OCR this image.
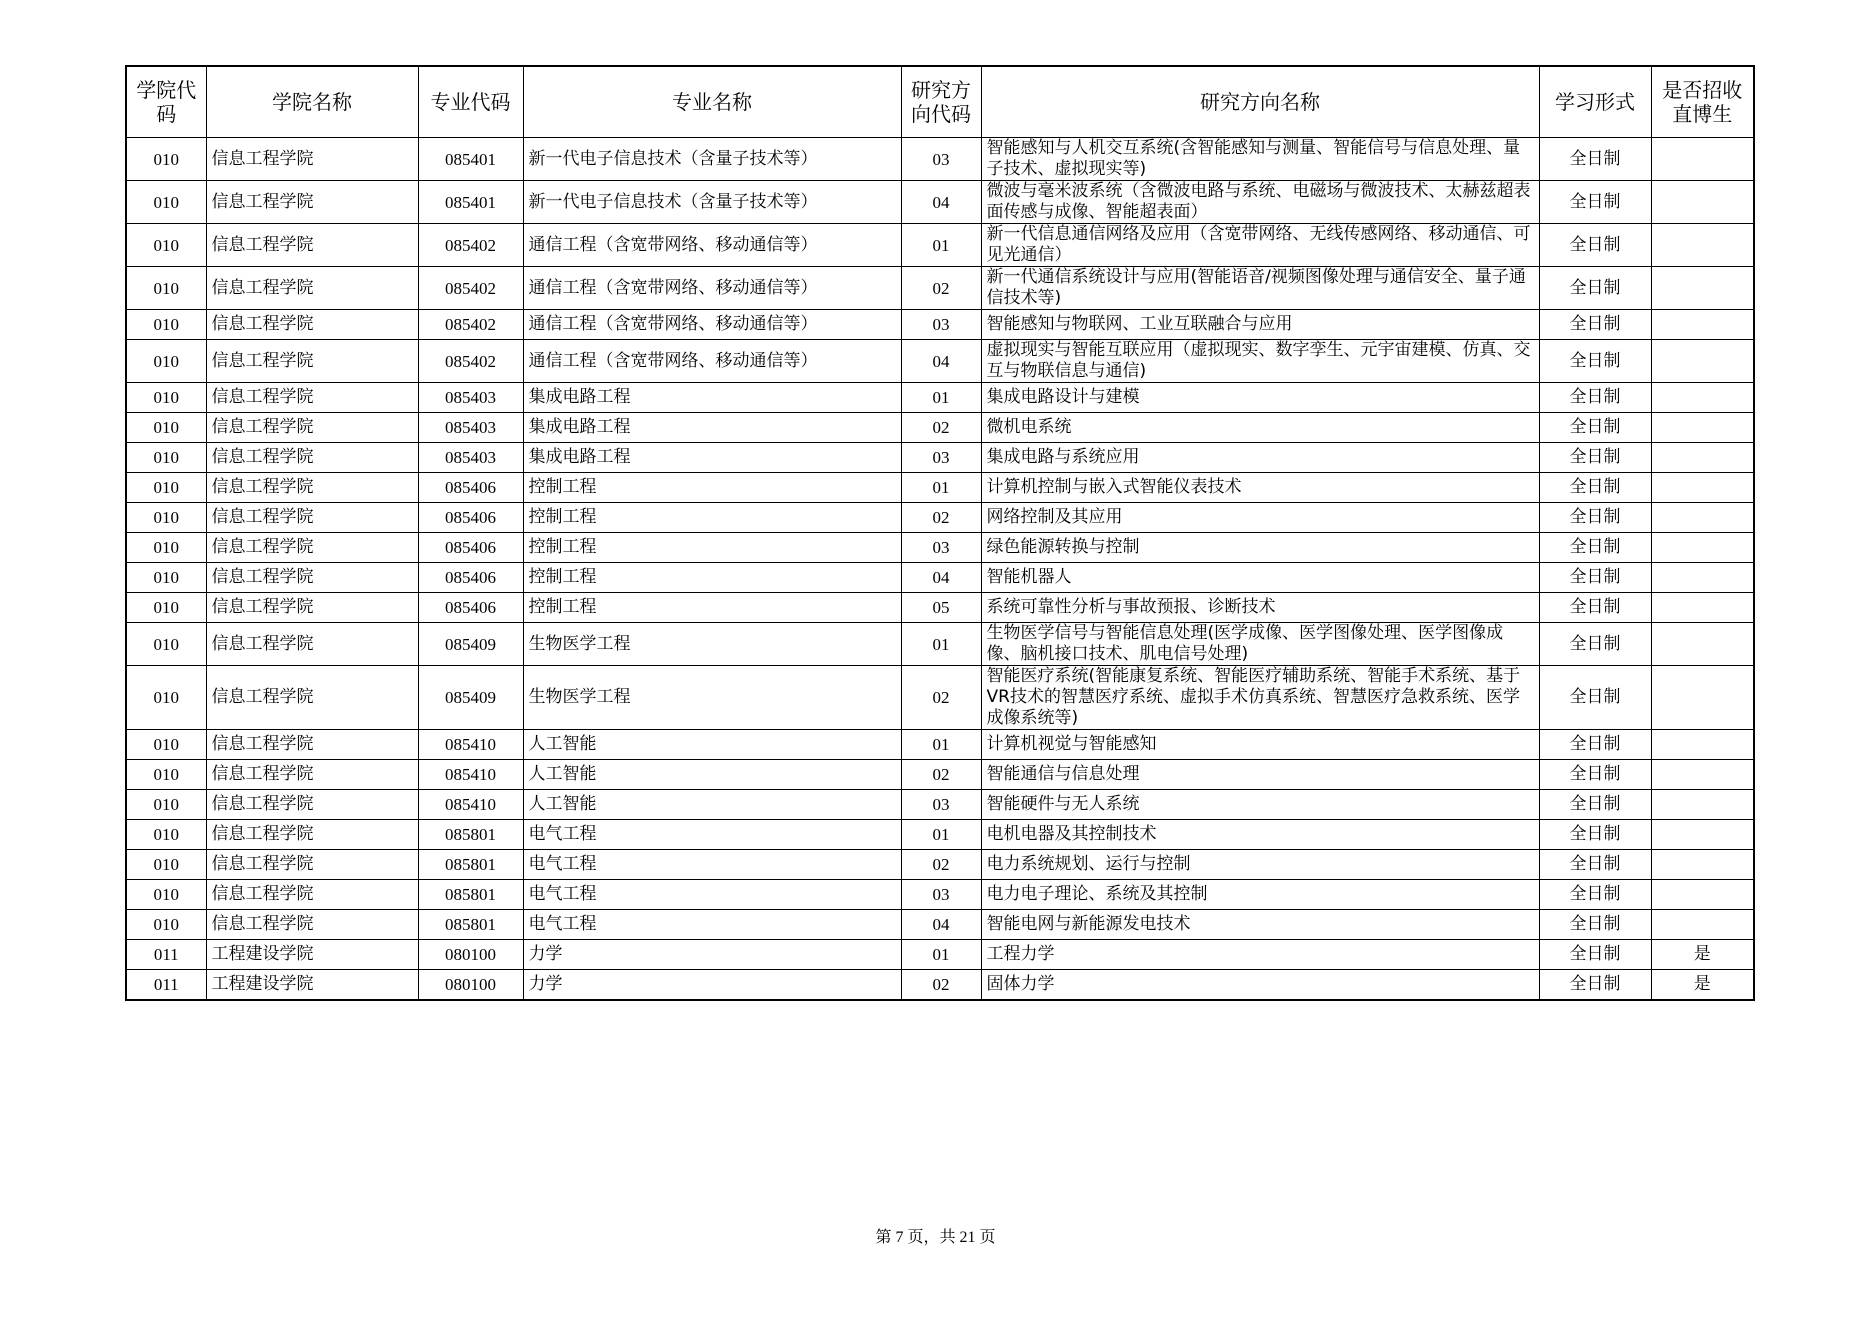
学院代码	学院名称	专业代码	专业名称	研究方向代码	研究方向名称	学习形式	是否招收直博生
010	信息工程学院	085401	新一代电子信息技术（含量子技术等）	03	智能感知与人机交互系统(含智能感知与测量、智能信号与信息处理、量子技术、虚拟现实等)	全日制	
010	信息工程学院	085401	新一代电子信息技术（含量子技术等）	04	微波与毫米波系统（含微波电路与系统、电磁场与微波技术、太赫兹超表面传感与成像、智能超表面）	全日制	
010	信息工程学院	085402	通信工程（含宽带网络、移动通信等）	01	新一代信息通信网络及应用（含宽带网络、无线传感网络、移动通信、可见光通信）	全日制	
010	信息工程学院	085402	通信工程（含宽带网络、移动通信等）	02	新一代通信系统设计与应用(智能语音/视频图像处理与通信安全、量子通信技术等)	全日制	
010	信息工程学院	085402	通信工程（含宽带网络、移动通信等）	03	智能感知与物联网、工业互联融合与应用	全日制	
010	信息工程学院	085402	通信工程（含宽带网络、移动通信等）	04	虚拟现实与智能互联应用（虚拟现实、数字孪生、元宇宙建模、仿真、交互与物联信息与通信)	全日制	
010	信息工程学院	085403	集成电路工程	01	集成电路设计与建模	全日制	
010	信息工程学院	085403	集成电路工程	02	微机电系统	全日制	
010	信息工程学院	085403	集成电路工程	03	集成电路与系统应用	全日制	
010	信息工程学院	085406	控制工程	01	计算机控制与嵌入式智能仪表技术	全日制	
010	信息工程学院	085406	控制工程	02	网络控制及其应用	全日制	
010	信息工程学院	085406	控制工程	03	绿色能源转换与控制	全日制	
010	信息工程学院	085406	控制工程	04	智能机器人	全日制	
010	信息工程学院	085406	控制工程	05	系统可靠性分析与事故预报、诊断技术	全日制	
010	信息工程学院	085409	生物医学工程	01	生物医学信号与智能信息处理(医学成像、医学图像处理、医学图像成像、脑机接口技术、肌电信号处理)	全日制	
010	信息工程学院	085409	生物医学工程	02	智能医疗系统(智能康复系统、智能医疗辅助系统、智能手术系统、基于VR技术的智慧医疗系统、虚拟手术仿真系统、智慧医疗急救系统、医学成像系统等)	全日制	
010	信息工程学院	085410	人工智能	01	计算机视觉与智能感知	全日制	
010	信息工程学院	085410	人工智能	02	智能通信与信息处理	全日制	
010	信息工程学院	085410	人工智能	03	智能硬件与无人系统	全日制	
010	信息工程学院	085801	电气工程	01	电机电器及其控制技术	全日制	
010	信息工程学院	085801	电气工程	02	电力系统规划、运行与控制	全日制	
010	信息工程学院	085801	电气工程	03	电力电子理论、系统及其控制	全日制	
010	信息工程学院	085801	电气工程	04	智能电网与新能源发电技术	全日制	
011	工程建设学院	080100	力学	01	工程力学	全日制	是
011	工程建设学院	080100	力学	02	固体力学	全日制	是
第 7 页，共 21 页
